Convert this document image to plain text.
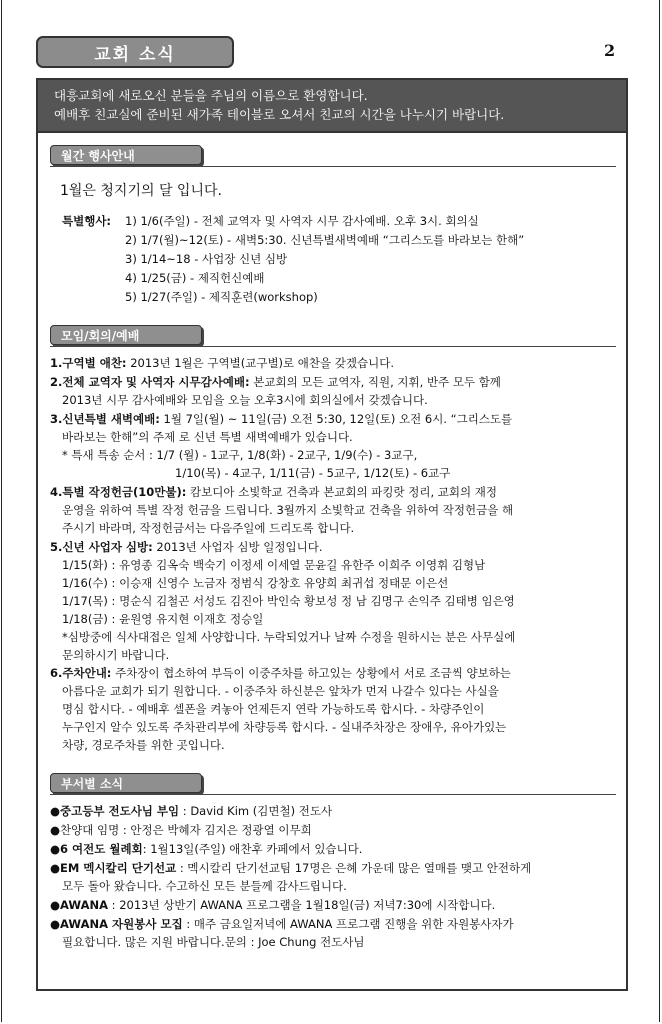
교회 소식	2
대흥교회에 새로오신 분들을 주님의 이름으로 환영합니다.
예배후 친교실에 준비된 새가족 테이블로 오셔서 친교의 시간을 나누시기 바랍니다.
월간 행사안내
1월은 청지기의 달 입니다.
특별행사: 1) 1/6(주일) - 전체 교역자 및 사역자 시무 감사예배. 오후 3시. 회의실
2) 1/7(월)~12(토) - 새벽5:30. 신년특별새벽예배 “그리스도를 바라보는 한해”
3) 1/14~18 - 사업장 신년 심방
4) 1/25(금) - 제직헌신예배
5) 1/27(주일) - 제직훈련(workshop)
모임/회의/예배
1.구역별 애찬: 2013년 1월은 구역별(교구별)로 애찬을 갖겠습니다.
2.전체 교역자 및 사역자 시무감사예배: 본교회의 모든 교역자, 직원, 지휘, 반주 모두 함께
2013년 시무 감사예배와 모임을 오늘 오후3시에 회의실에서 갖겠습니다.
3.신년특별 새벽예배: 1월 7일(월) ~ 11일(금) 오전 5:30, 12일(토) 오전 6시. “그리스도를
바라보는 한해”의 주제 로 신년 특별 새벽예배가 있습니다.
* 특새 특송 순서 : 1/7 (월) - 1교구, 1/8(화) - 2교구, 1/9(수) - 3교구,
1/10(목) - 4교구, 1/11(금) - 5교구, 1/12(토) - 6교구
4.특별 작정헌금(10만불): 캄보디아 소빛학교 건축과 본교회의 파킹랏 정리, 교회의 재정
운영을 위하여 특별 작정 헌금을 드립니다. 3월까지 소빛학교 건축을 위하여 작정헌금을 해
주시기 바라며, 작정헌금서는 다음주일에 드리도록 합니다.
5.신년 사업자 심방: 2013년 사업자 심방 일정입니다.
1/15(화) : 유영종 김옥숙 백숙기 이정세 이세열 문윤길 유한주 이희주 이영휘 김형남
1/16(수) : 이승재 신영수 노금자 정범식 강창호 유양희 최귀섭 정태문 이은선
1/17(목) : 명순식 김철곤 서성도 김진아 박인숙 황보성 정 남 김명구 손익주 김태병 임은영
1/18(금) : 윤원영 유지현 이재호 정승일
*심방중에 식사대접은 일체 사양합니다. 누락되었거나 날짜 수정을 원하시는 분은 사무실에
문의하시기 바랍니다.
6.주차안내: 주차장이 협소하여 부득이 이중주차를 하고있는 상황에서 서로 조금씩 양보하는
아름다운 교회가 되기 원합니다. - 이중주차 하신분은 앞차가 먼저 나갈수 있다는 사실을
명심 합시다. - 예배후 셀폰을 켜놓아 언제든지 연락 가능하도록 합시다. - 차량주인이
누구인지 알수 있도록 주차관리부에 차량등록 합시다. - 실내주차장은 장애우, 유아가있는
차량, 경로주차를 위한 곳입니다.
부서별 소식
●중고등부 전도사님 부임 : David Kim (김면철) 전도사
●찬양대 임명 : 안정은 박혜자 김지은 정광열 이무희
●6 여전도 월례회: 1월13일(주일) 애찬후 카페에서 있습니다.
●EM 멕시칼리 단기선교 : 멕시칼리 단기선교팀 17명은 은혜 가운데 많은 열매를 맺고 안전하게
모두 돌아 왔습니다. 수고하신 모든 분들께 감사드립니다.
●AWANA : 2013년 상반기 AWANA 프로그램을 1월18일(금) 저녁7:30에 시작합니다.
●AWANA 자원봉사 모집 : 매주 금요일저녁에 AWANA 프로그램 진행을 위한 자원봉사자가
필요합니다. 많은 지원 바랍니다.문의 : Joe Chung 전도사님
